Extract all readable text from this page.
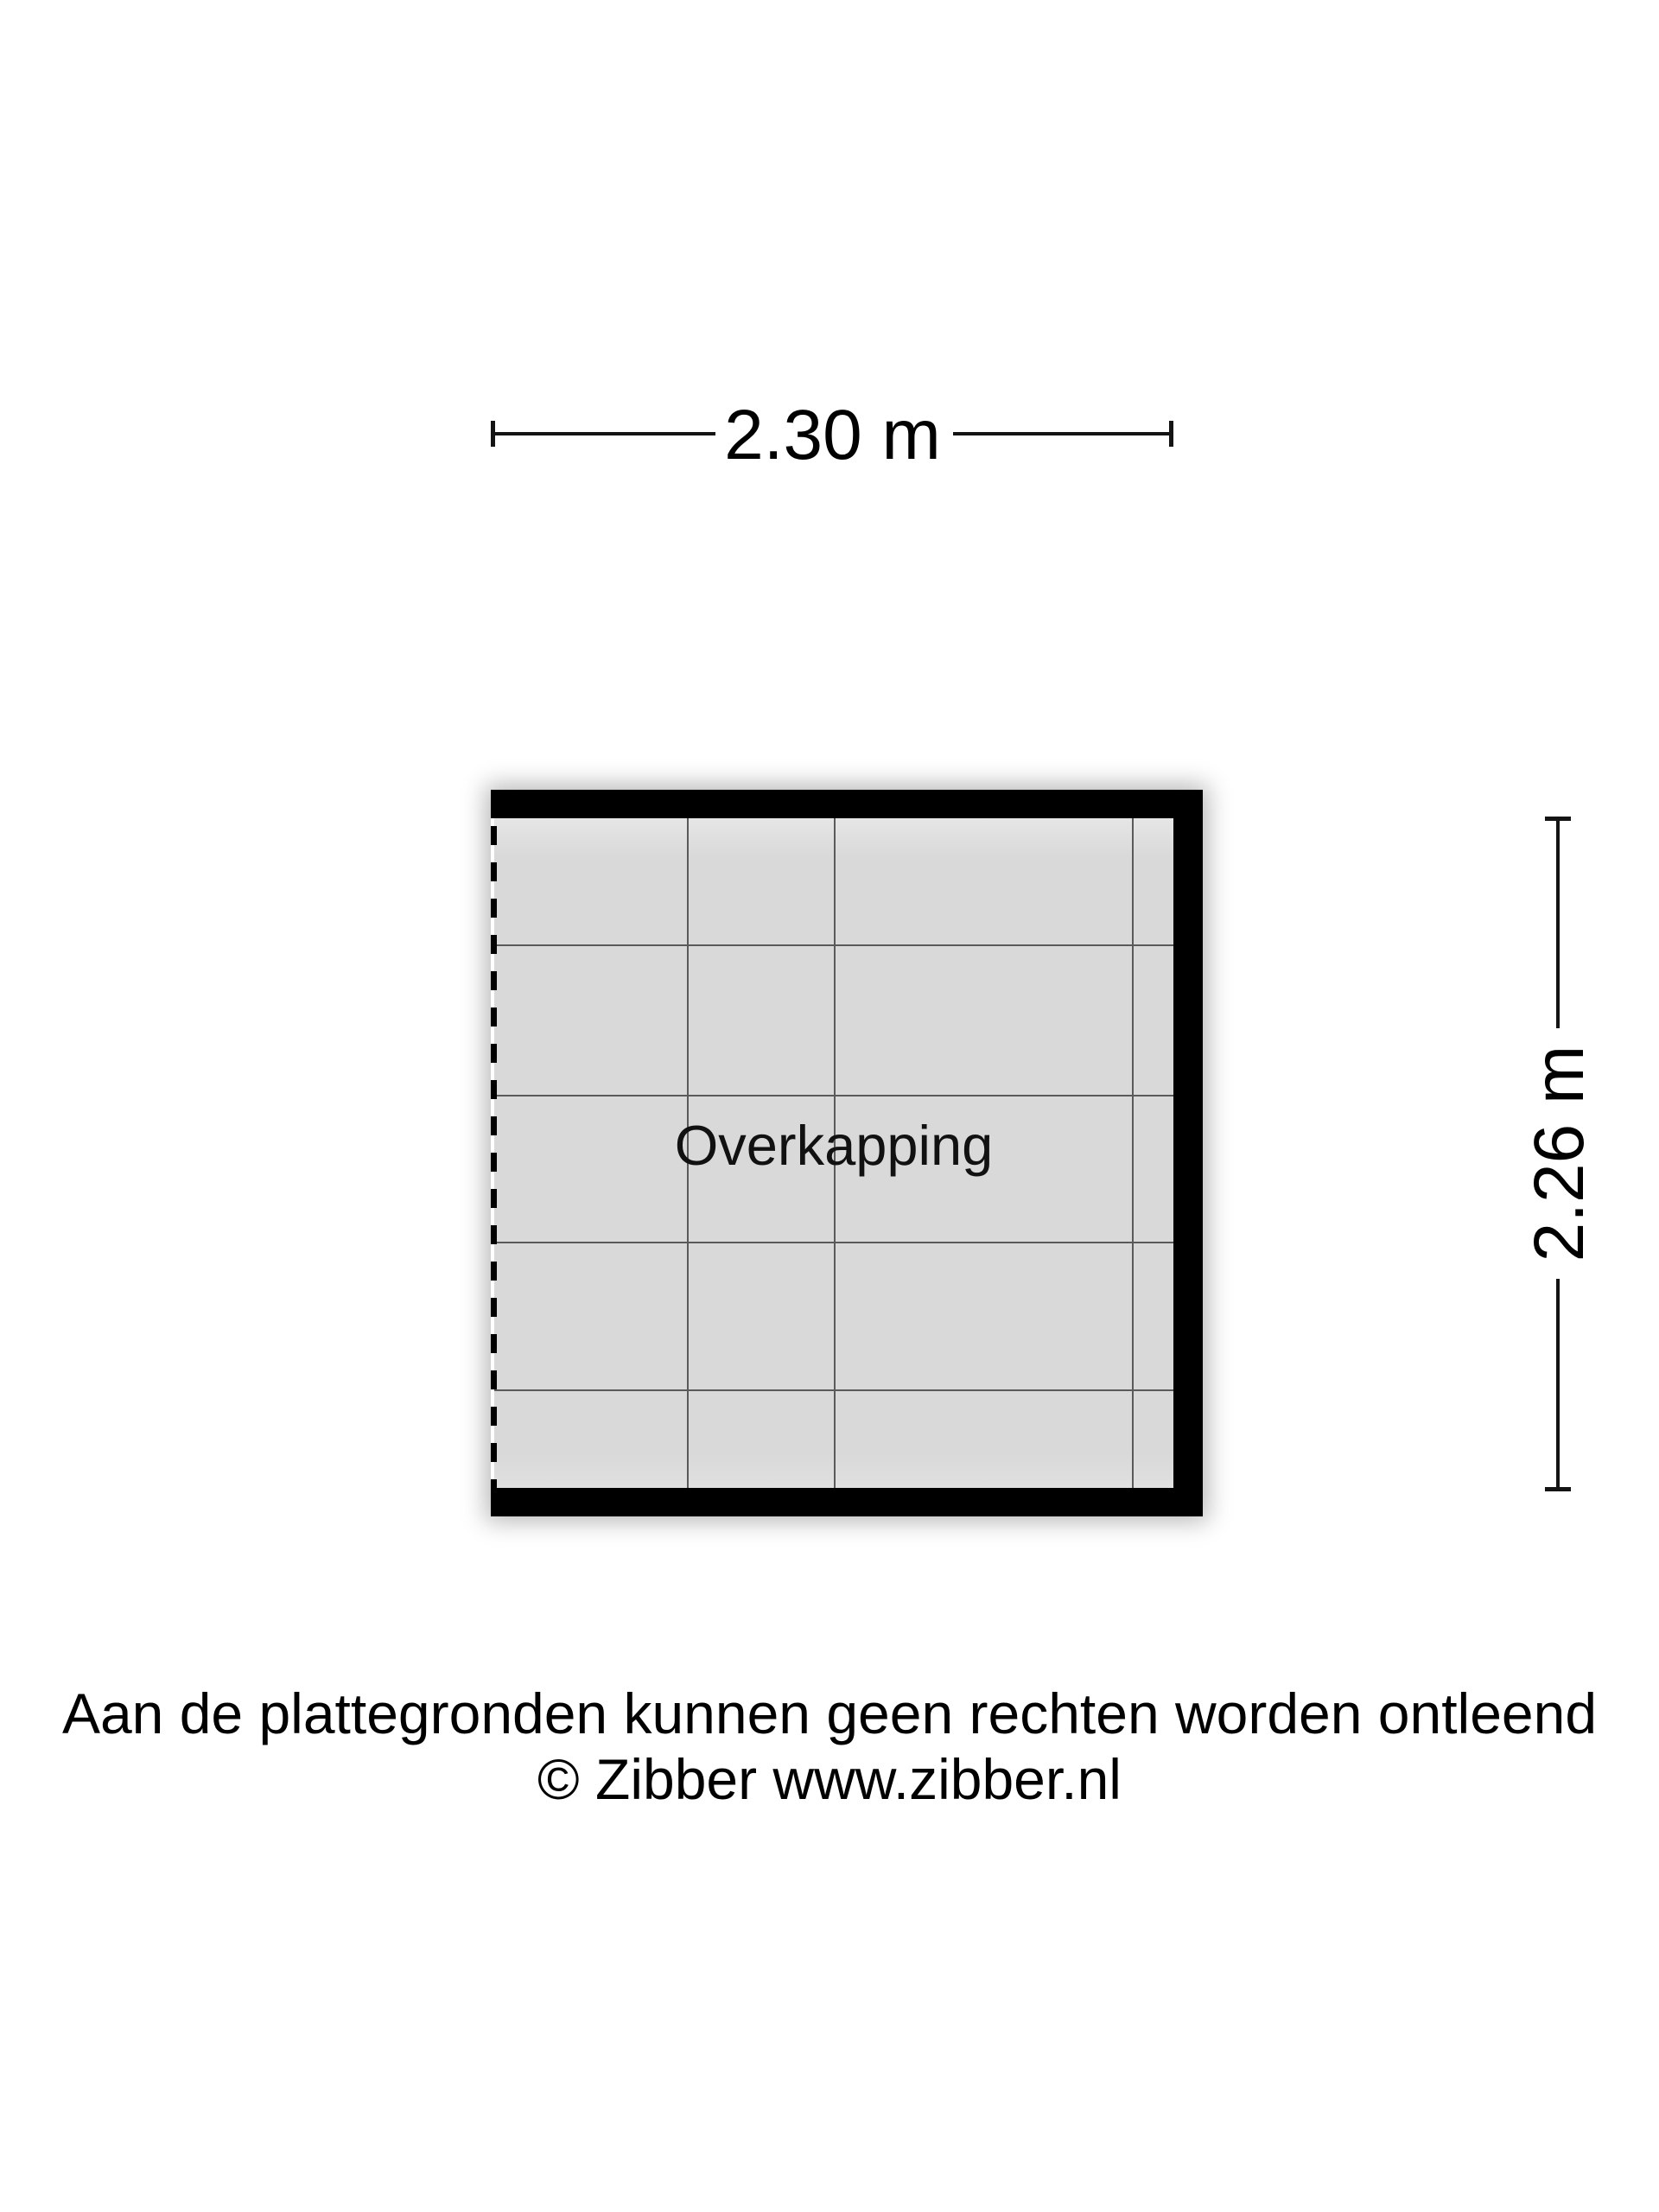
2.30 m
2.26 m
Overkapping
Aan de plattegronden kunnen geen rechten worden ontleend
© Zibber www.zibber.nl
